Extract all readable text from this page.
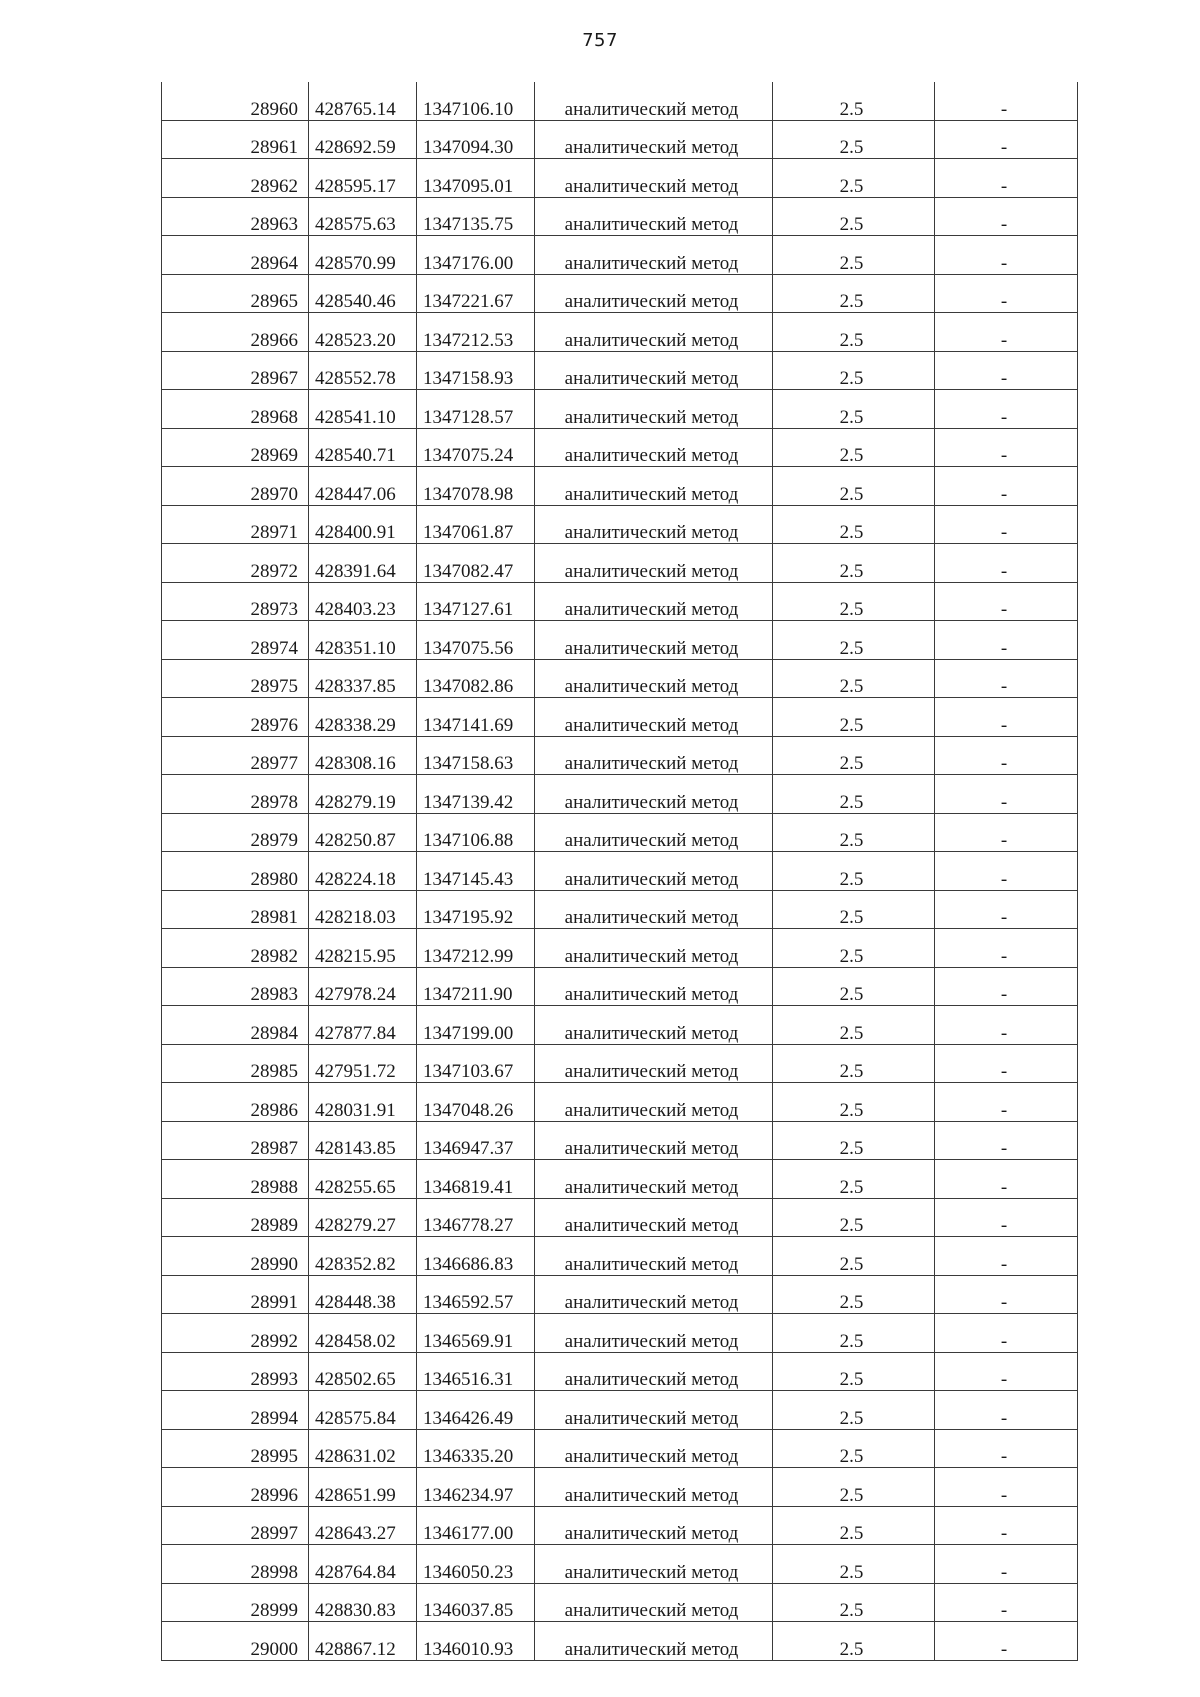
757
28960	428765.14	1347106.10	аналитический метод	2.5	-
28961	428692.59	1347094.30	аналитический метод	2.5	-
28962	428595.17	1347095.01	аналитический метод	2.5	-
28963	428575.63	1347135.75	аналитический метод	2.5	-
28964	428570.99	1347176.00	аналитический метод	2.5	-
28965	428540.46	1347221.67	аналитический метод	2.5	-
28966	428523.20	1347212.53	аналитический метод	2.5	-
28967	428552.78	1347158.93	аналитический метод	2.5	-
28968	428541.10	1347128.57	аналитический метод	2.5	-
28969	428540.71	1347075.24	аналитический метод	2.5	-
28970	428447.06	1347078.98	аналитический метод	2.5	-
28971	428400.91	1347061.87	аналитический метод	2.5	-
28972	428391.64	1347082.47	аналитический метод	2.5	-
28973	428403.23	1347127.61	аналитический метод	2.5	-
28974	428351.10	1347075.56	аналитический метод	2.5	-
28975	428337.85	1347082.86	аналитический метод	2.5	-
28976	428338.29	1347141.69	аналитический метод	2.5	-
28977	428308.16	1347158.63	аналитический метод	2.5	-
28978	428279.19	1347139.42	аналитический метод	2.5	-
28979	428250.87	1347106.88	аналитический метод	2.5	-
28980	428224.18	1347145.43	аналитический метод	2.5	-
28981	428218.03	1347195.92	аналитический метод	2.5	-
28982	428215.95	1347212.99	аналитический метод	2.5	-
28983	427978.24	1347211.90	аналитический метод	2.5	-
28984	427877.84	1347199.00	аналитический метод	2.5	-
28985	427951.72	1347103.67	аналитический метод	2.5	-
28986	428031.91	1347048.26	аналитический метод	2.5	-
28987	428143.85	1346947.37	аналитический метод	2.5	-
28988	428255.65	1346819.41	аналитический метод	2.5	-
28989	428279.27	1346778.27	аналитический метод	2.5	-
28990	428352.82	1346686.83	аналитический метод	2.5	-
28991	428448.38	1346592.57	аналитический метод	2.5	-
28992	428458.02	1346569.91	аналитический метод	2.5	-
28993	428502.65	1346516.31	аналитический метод	2.5	-
28994	428575.84	1346426.49	аналитический метод	2.5	-
28995	428631.02	1346335.20	аналитический метод	2.5	-
28996	428651.99	1346234.97	аналитический метод	2.5	-
28997	428643.27	1346177.00	аналитический метод	2.5	-
28998	428764.84	1346050.23	аналитический метод	2.5	-
28999	428830.83	1346037.85	аналитический метод	2.5	-
29000	428867.12	1346010.93	аналитический метод	2.5	-
